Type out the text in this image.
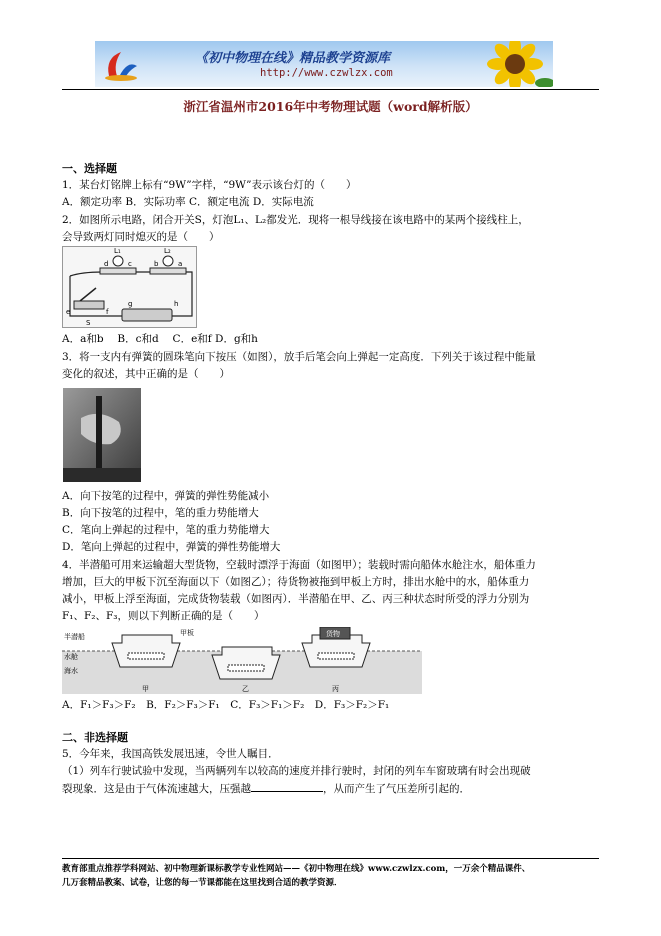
《初中物理在线》精品教学资源库
http://www.czwlzx.com
浙江省温州市2016年中考物理试题（word解析版）
一、选择题
1．某台灯铭牌上标有“9W”字样，“9W”表示该台灯的（　　）
A．额定功率 B．实际功率 C．额定电流 D．实际电流
2．如图所示电路，闭合开关S，灯泡L₁、L₂都发光．现将一根导线接在该电路中的某两个接线柱上，
会导致两灯同时熄灭的是（　　）
L₁	L₂
d	c	b	a
e	f
g	h
S
A．a和b　 B．c和d　 C．e和f D．g和h
3．将一支内有弹簧的圆珠笔向下按压（如图），放手后笔会向上弹起一定高度．下列关于该过程中能量
变化的叙述，其中正确的是（　　）
A．向下按笔的过程中，弹簧的弹性势能减小
B．向下按笔的过程中，笔的重力势能增大
C．笔向上弹起的过程中，笔的重力势能增大
D．笔向上弹起的过程中，弹簧的弹性势能增大
4．半潜船可用来运输超大型货物，空载时漂浮于海面（如图甲）；装载时需向船体水舱注水，船体重力
增加，巨大的甲板下沉至海面以下（如图乙）；待货物被拖到甲板上方时，排出水舱中的水，船体重力
减小，甲板上浮至海面，完成货物装载（如图丙）．半潜船在甲、乙、丙三种状态时所受的浮力分别为
F₁、F₂、F₃，则以下判断正确的是（　　）
半潜船
水舱
海水
甲板	货物
甲	乙	丙
A．F₁＞F₃＞F₂　B．F₂＞F₃＞F₁　C．F₃＞F₁＞F₂　D．F₃＞F₂＞F₁
二、非选择题
5．今年来，我国高铁发展迅速，令世人瞩目．
（1）列车行驶试验中发现，当两辆列车以较高的速度并排行驶时，封闭的列车车窗玻璃有时会出现破
裂现象．这是由于气体流速越大，压强越	，从而产生了气压差所引起的．
教育部重点推荐学科网站、初中物理新课标教学专业性网站——《初中物理在线》www.czwlzx.com，一万余个精品课件、
几万套精品教案、试卷，让您的每一节课都能在这里找到合适的教学资源．
